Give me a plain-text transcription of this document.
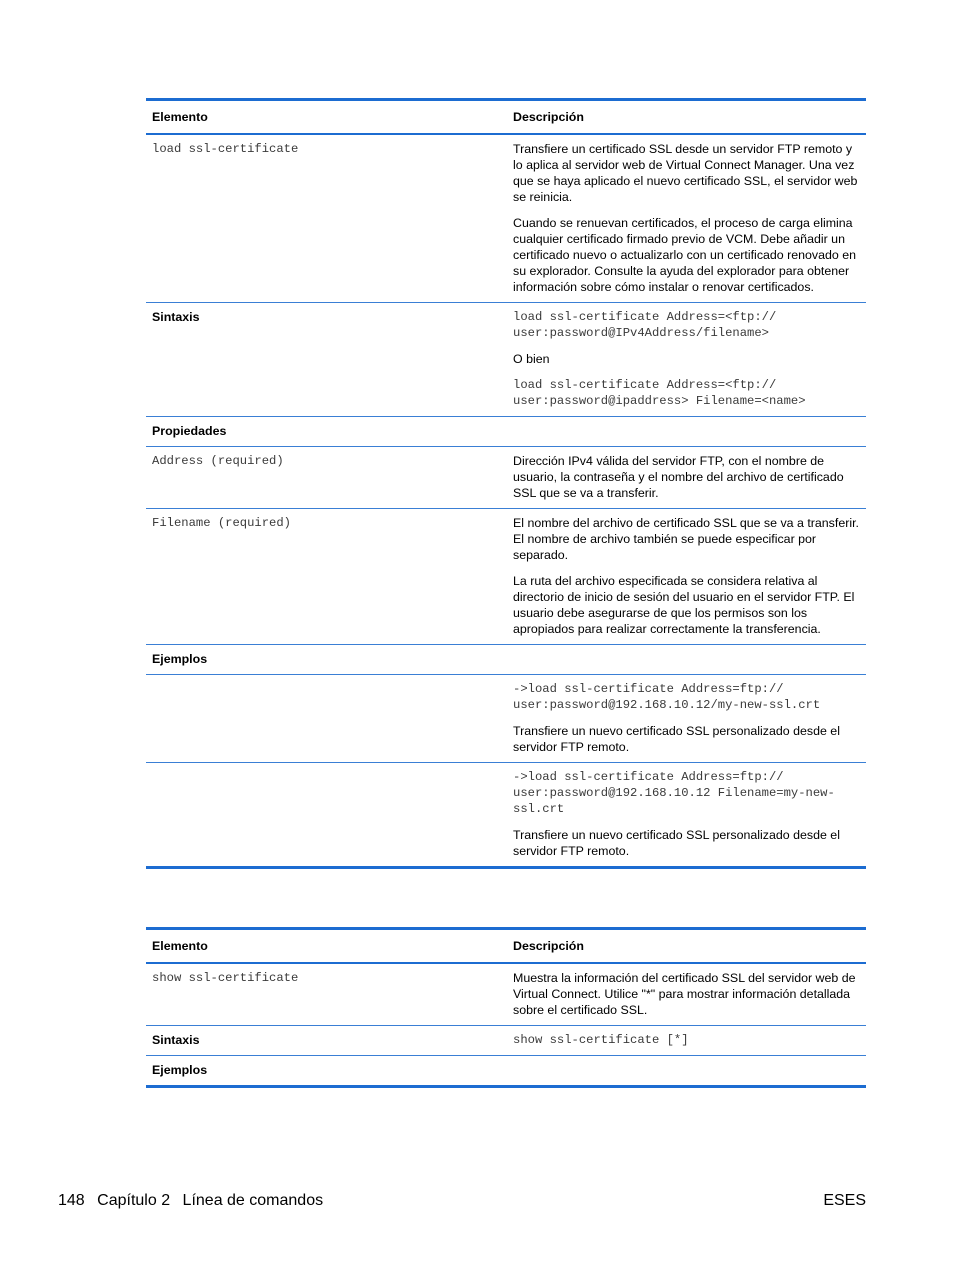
Elemento	Descripción
load ssl-certificate	Transfiere un certificado SSL desde un servidor FTP remoto y lo aplica al servidor web de Virtual Connect Manager. Una vez que se haya aplicado el nuevo certificado SSL, el servidor web se reinicia.

Cuando se renuevan certificados, el proceso de carga elimina cualquier certificado firmado previo de VCM. Debe añadir un certificado nuevo o actualizarlo con un certificado renovado en su explorador. Consulte la ayuda del explorador para obtener información sobre cómo instalar o renovar certificados.

Sintaxis	load ssl-certificate Address=<ftp://
user:password@IPv4Address/filename>

O bien

load ssl-certificate Address=<ftp://
user:password@ipaddress> Filename=<name>

Propiedades	
Address (required)	Dirección IPv4 válida del servidor FTP, con el nombre de usuario, la contraseña y el nombre del archivo de certificado SSL que se va a transferir.
Filename (required)	El nombre del archivo de certificado SSL que se va a transferir. El nombre de archivo también se puede especificar por separado.

La ruta del archivo especificada se considera relativa al directorio de inicio de sesión del usuario en el servidor FTP. El usuario debe asegurarse de que los permisos son los apropiados para realizar correctamente la transferencia.

Ejemplos	

	->load ssl-certificate Address=ftp://
user:password@192.168.10.12/my-new-ssl.crt

Transfiere un nuevo certificado SSL personalizado desde el servidor FTP remoto.

	->load ssl-certificate Address=ftp://
user:password@192.168.10.12 Filename=my-new-
ssl.crt

Transfiere un nuevo certificado SSL personalizado desde el servidor FTP remoto.

Elemento	Descripción
show ssl-certificate	Muestra la información del certificado SSL del servidor web de Virtual Connect. Utilice "*" para mostrar información detallada sobre el certificado SSL.
Sintaxis	show ssl-certificate [*]
Ejemplos	
148 Capítulo 2 Línea de comandos	ESES
